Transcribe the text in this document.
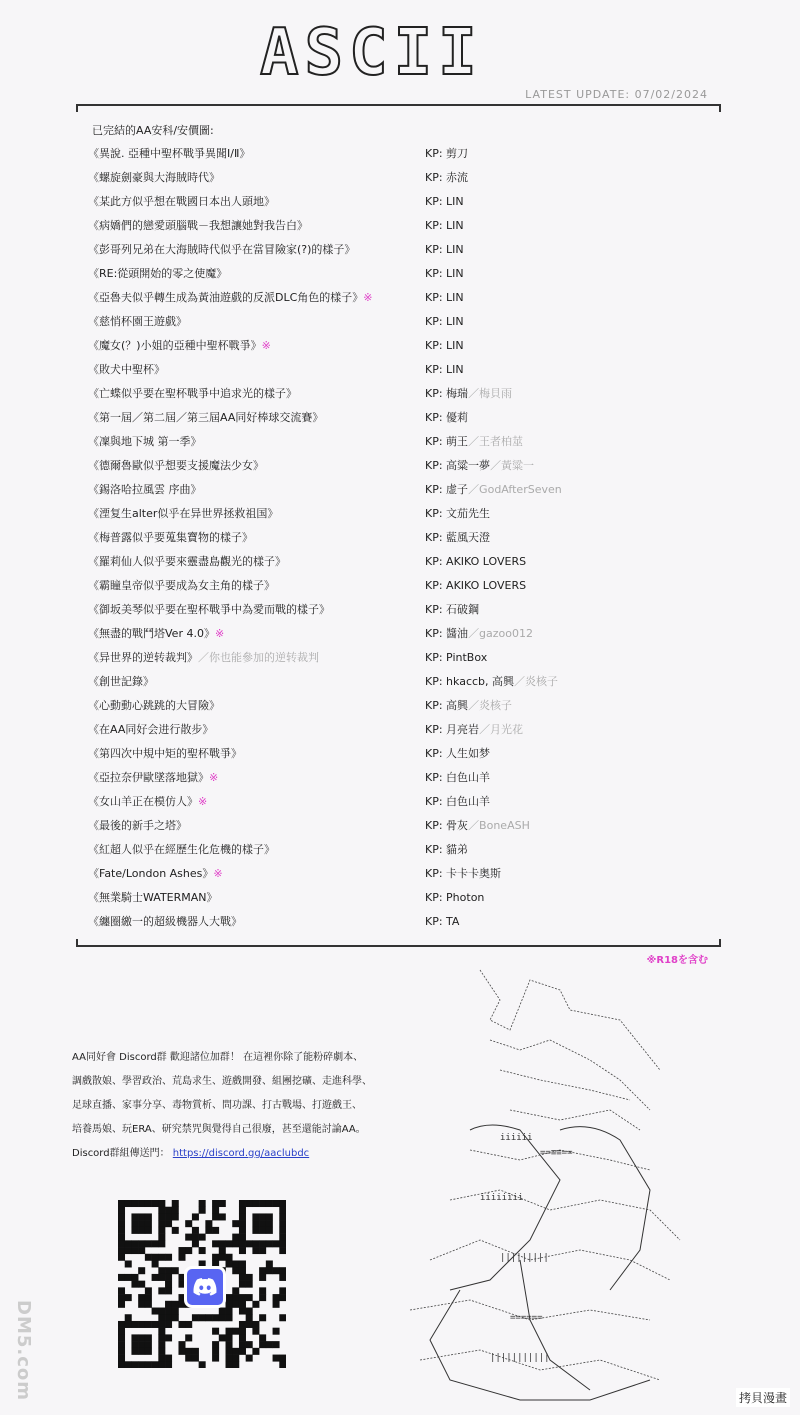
ASCII
LATEST UPDATE: 07/02/2024
已完結的AA安科/安價圖:
《異說. 亞種中聖杯戰爭異聞Ⅰ/Ⅱ》	KP: 剪刀
《螺旋劍豪與大海賊時代》	KP: 赤流
《某此方似乎想在戰國日本出人頭地》	KP: LIN
《病嬌們的戀愛頭腦戰－我想讓她對我告白》	KP: LIN
《彭哥列兄弟在大海賊時代似乎在當冒險家(?)的樣子》	KP: LIN
《RE:從頭開始的零之使魔》	KP: LIN
《亞魯夫似乎轉生成為黃油遊戲的反派DLC角色的樣子》※	KP: LIN
《慈悄杯園王遊戲》	KP: LIN
《魔女(？)小姐的亞種中聖杯戰爭》※	KP: LIN
《敗犬中聖杯》	KP: LIN
《亡蝶似乎要在聖杯戰爭中追求光的樣子》	KP: 梅瑞／梅貝雨
《第一屆／第二屆／第三屆AA同好棒球交流賽》	KP: 優莉
《凜與地下城 第一季》	KP: 萌王／王者柏莁
《德爾魯歐似乎想要支援魔法少女》	KP: 高粱一夢／黃粱一
《錫洛哈拉風雲 序曲》	KP: 虚子／GodAfterSeven
《湮复生alter似乎在异世界拯救祖国》	KP: 文茄先生
《梅普露似乎要蒐集寶物的樣子》	KP: 藍風天澄
《羅莉仙人似乎要來靈盡島觀光的樣子》	KP: AKIKO LOVERS
《霸瞳皇帝似乎要成為女主角的樣子》	KP: AKIKO LOVERS
《御坂美琴似乎要在聖杯戰爭中為愛而戰的樣子》	KP: 石破鋼
《無盡的戰鬥塔Ver 4.0》※	KP: 醬油／gazoo012
《异世界的逆转裁判》／你也能參加的逆转裁判	KP: PintBox
《創世記錄》	KP: hkaccb, 高興／炎核子
《心動動心跳跳的大冒險》	KP: 高興／炎核子
《在AA同好会进行散步》	KP: 月亮岩／月光花
《第四次中規中矩的聖杯戰爭》	KP: 人生如梦
《亞拉奈伊歐墜落地獄》※	KP: 白色山羊
《女山羊正在模仿人》※	KP: 白色山羊
《最後的新手之塔》	KP: 骨灰／BoneASH
《紅超人似乎在經歷生化危機的樣子》	KP: 貓弟
《Fate/London Ashes》※	KP: 卡卡卡奥斯
《無業騎士WATERMAN》	KP: Photon
《纏圈繳一的超級機器人大戰》	KP: TA
※R18を含む
iiiiii
==≡≡==
iiiiiiii
|||||||||
======
|||||||||||
AA同好會 Discord群 歡迎諸位加群！ 在這裡你除了能粉碎劇本、
調戲散娘、學習政治、荒島求生、遊戲開發、組團挖礦、走進科學、
足球直播、家事分享、毒物賞析、問功課、打古戰場、打遊戲王、
培養馬娘、玩ERA、研究禁咒與覺得自己很廢，甚至還能討論AA。
Discord群組傳送門： https://discord.gg/aaclubdc
DM5.com	拷貝漫畫
